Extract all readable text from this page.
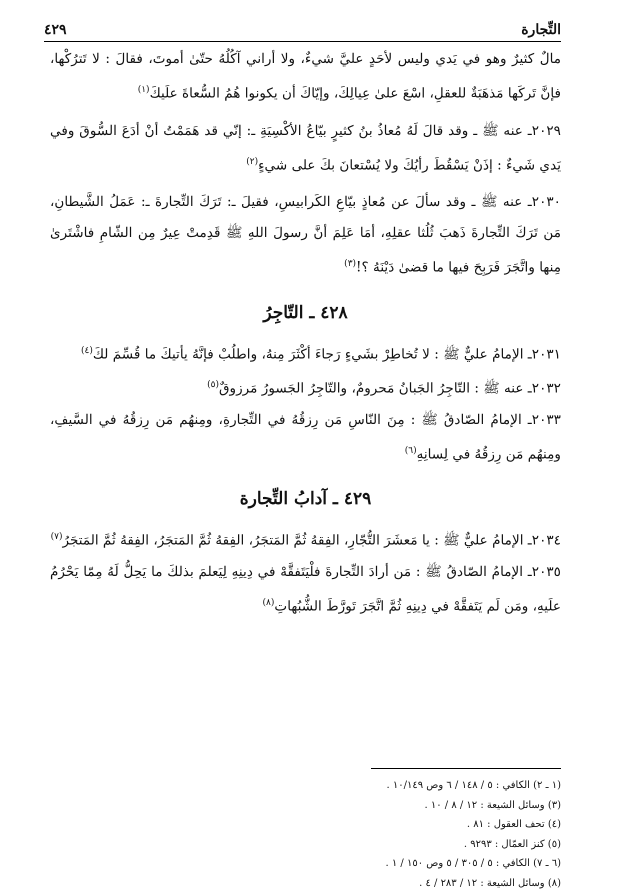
التِّجارة
٤٢٩

مالٌ كثيرٌ وهو في يَدي وليس لأحَدٍ عليَّ شيءٌ، ولا أراني آكُلُهُ حتّىٰ أموتَ، فقالَ : لا تَترُكْها، فإنَّ تَركَها مَذهَبَةٌ للعقلِ، اسْعَ علىٰ عِيالِكَ، وإيّاكَ أن يكونوا هُمُ السُّعاةَ علَيكَ$^{(١)}$

٢٠٢٩ـ عنه ﷺ ـ وقد قالَ لَهُ مُعاذُ بنُ كثيرٍ بيّاعُ الأكْسِيَةِ ـ: إنّي قد هَمَمْتُ أنْ أدَعَ السُّوقَ وفي يَدي شَيءٌ : إذَنْ يَسْقُطَ رأيُكَ ولا يُسْتعانَ بكَ على شيءٍ$^{(٢)}$

٢٠٣٠ـ عنه ﷺ ـ وقد سألَ عن مُعاذٍ بيّاعِ الكَرابيسِ، فقيلَ ـ: تَرَكَ التِّجارةَ ـ: عَمَلُ الشَّيطانِ، مَن تَرَكَ التِّجارةَ ذَهبَ ثُلُثا عقلِهِ، أمَا عَلِمَ أنَّ رسولَ اللهِ ﷺ قَدِمتْ عِيرٌ مِن الشّامِ فاشْتَرىٰ مِنها واتَّجَرَ فَرَبِحَ فيها ما قضىٰ دَيْنَهُ ؟!$^{(٣)}$

٤٢٨ ـ التّاجِرُ

٢٠٣١ـ الإمامُ عليٌّ ﷺ : لا تُخاطِرْ بشَيءٍ رَجاءَ أكْثَرَ مِنهُ، واطلُبْ فإنَّهُ يأتيكَ ما قُسِّمَ لكَ$^{(٤)}$

٢٠٣٢ـ عنه ﷺ : التّاجِرُ الجَبانُ مَحرومٌ، والتّاجِرُ الجَسورُ مَرزوقٌ$^{(٥)}$

٢٠٣٣ـ الإمامُ الصّادقُ ﷺ : مِنَ النّاسِ مَن رِزقُهُ في التِّجارةِ، ومِنهُم مَن رِزقُهُ في السَّيفِ، ومِنهُم مَن رِزقُهُ في لِسانِهِ$^{(٦)}$

٤٢٩ ـ آدابُ التِّجارة

٢٠٣٤ـ الإمامُ عليٌّ ﷺ : يا مَعشَرَ التُّجّارِ، الفِقهُ ثُمَّ المَتجَرُ، الفِقهُ ثُمَّ المَتجَرُ، الفِقهُ ثُمَّ المَتجَرُ$^{(٧)}$

٢٠٣٥ـ الإمامُ الصّادقُ ﷺ : مَن أرادَ التِّجارةَ فلْيَتَفقَّهْ في دِينِهِ لِيَعلمَ بذلكَ ما يَحِلُّ لَهُ مِمّا يَحْرُمُ علَيهِ، ومَن لَم يَتَفقَّهْ في دِينِهِ ثُمَّ اتَّجَرَ تَورَّطَ الشُّبُهاتِ$^{(٨)}$

(١ ـ ٢) الكافي : ٥ / ١٤٨ / ٦ وص ١٠/١٤٩ .
(٣) وسائل الشيعة : ١٢ / ٨ / ١٠ .
(٤) تحف العقول : ٨١ .
(٥) كنز العمّال : ٩٢٩٣ .
(٦ ـ ٧) الكافي : ٥ / ٣٠٥ / ٥ وص ١٥٠ / ١ .
(٨) وسائل الشيعة : ١٢ / ٢٨٣ / ٤ .
